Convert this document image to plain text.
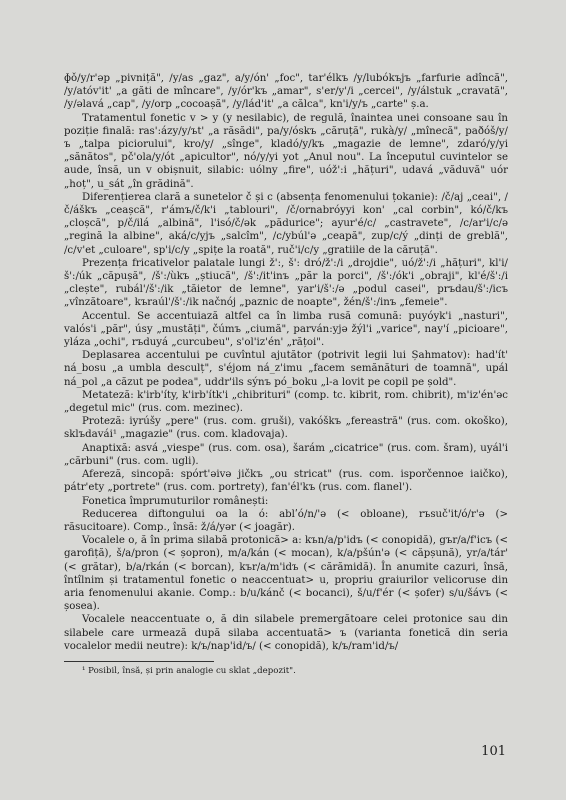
ɸǒ/y/r'əp „pivniță", /y/as „gaz", a/y/ón' „foc", tar'élkъ /y/lubókъjъ „farfurie adîncă", /y/atóv'it' „a găti de mîncare", /y/ór'kъ „amar", s'er/y'/i „cercei", /y/álstuk „cravată", /y/əlavá „cap", /y/orp „cocoașă", /y/lád'it' „a călca", kn'i/y/ъ „carte" ș.a.

Tratamentul fonetic v > y (y nesilabic), de regulă, înaintea unei consoane sau în poziție finală: ras':ázy/y/ъt' „a răsădi", pa/y/óskъ „căruță", rukà/y/ „mînecă", paðóš/y/ъ „talpa piciorului", kro/y/ „sînge", kladó/y/kъ „magazie de lemne", zdaró/y/yi „sănătos", pč'ola/y/ót „apicultor", nó/y/yi yot „Anul nou". La începutul cuvintelor se aude, însă, un v obișnuit, silabic: uólny „fire", uóž':i „hățuri", udavá „văduvă" uór „hoț", u_sát „în grădină".

Diferențierea clară a sunetelor č și c (absența fenomenului țokanie): /č/aj „ceai", /č/áškъ „ceașcă", r'ámъ/č/k'i „tablouri", /č/ornabróyyi kon' „cal corbin", kó/č/kъ „cloșcă", p/č/ilá „albină", l'isó/č/ək „pădurice"; ayur'é/c/ „castravete", /c/ar'i/c/ə „regină la albine", aká/c/yjъ „salcîm", /c/ybúl'ə „ceapă", zup/c/ý „dinți de greblă", /c/v'et „culoare", sp'i/c/y „spițe la roată", ruč'i/c/y „gratiile de la căruță".

Prezența fricativelor palatale lungi ž':, š': dró/ž':/i „drojdie", uó/ž':/i „hățuri", kl'i/š':/úk „căpușă", /š':/ùkъ „știucă", /š':/it'inъ „păr la porci", /š':/ók'i „obraji", kl'é/š':/i „clește", rubál'/š':/ik „tăietor de lemne", yar'i/š':/ə „podul casei", prъdau/š':/icъ „vînzătoare", kъraúl'/š':/ik načnój „paznic de noapte", žén/š':/inъ „femeie".

Accentul. Se accentuiază altfel ca în limba rusă comună: puyóyk'i „nasturi", valós'i „păr", úsy „mustăți", čúmъ „ciumă", parván:yjə žýl'i „varice", nay'í „picioare", yláza „ochi", rъduyá „curcubeu", s'ol'iz'én' „rățoi".

Deplasarea accentului pe cuvîntul ajutător (potrivit legii lui Șahmatov): had'ít' ná_bosu „a umbla desculț", s'éjom ná_z'imu „facem semănături de toamnă", upál ná_pol „a căzut pe podea", uddr'ils sýnъ pó_boku „l-a lovit pe copil pe șold".

Metateză: k'irb'íty, k'irb'ítk'i „chibrituri" (comp. tc. kibrit, rom. chibrit), m'iz'én'əc „degetul mic" (rus. com. mezinec).

Proteză: iyrúšy „pere" (rus. com. gruši), vakóškъ „fereastră" (rus. com. okoško), sklъdavái¹ „magazie" (rus. com. kladovaja).

Anaptixă: asvá „viespe" (rus. com. osa), šarám „cicatrice" (rus. com. šram), uyál'i „cărbuni" (rus. com. ugli).

Afereză, sincopă: spórt'əivə jičkъ „ou stricat" (rus. com. isporčennoe iaičko), pátr'ety „portrete" (rus. com. portrety), fan'él'kъ (rus. com. flanel').

Fonetica împrumuturilor românești:

Reducerea diftongului oa la ó: ablʹó/n/'ə (< obloane), rъsuč'it/ó/r'ə (> răsucitoare). Comp., însă: ž/á/yər (< joagăr).

Vocalele o, ă în prima silabă protonică> a: kъn/a/p'idъ (< conopidă), gъr/a/f'icъ (< garofiță), š/a/pron (< șopron), m/a/kán (< mocan), k/a/pšún'ə (< căpșună), yr/a/tár' (< grătar), b/a/rkán (< borcan), kъr/a/m'idъ (< cărămidă). În anumite cazuri, însă, întîlnim și tratamentul fonetic o neaccentuat> u, propriu graiurilor velicoruse din aria fenomenului akanie. Comp.: b/u/kánč (< bocanci), š/u/f'ér (< șofer) s/u/šávъ (< șosea).

Vocalele neaccentuate o, ă din silabele premergătoare celei protonice sau din silabele care urmează după silaba accentuată> ъ (varianta fonetică din seria vocalelor medii neutre): k/ъ/nap'id/ъ/ (< conopidă), k/ъ/ram'id/ъ/

¹ Posibil, însă, și prin analogie cu sklat „depozit".

101
